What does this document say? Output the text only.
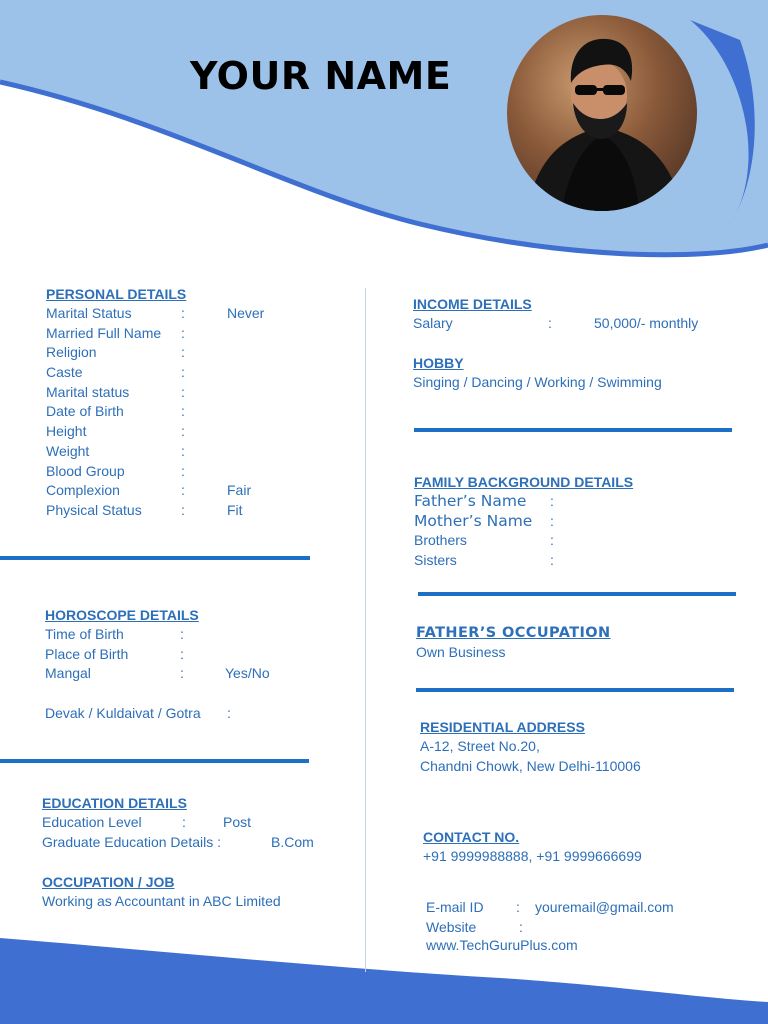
YOUR NAME
PERSONAL DETAILS
Marital Status	:	Never
Married Full Name	:
Religion	:
Caste	:
Marital status	:
Date of Birth	:
Height	:
Weight	:
Blood Group	:
Complexion	:	Fair
Physical Status	:	Fit
HOROSCOPE DETAILS
Time of Birth	:
Place of Birth	:
Mangal	:	Yes/No
Devak / Kuldaivat / Gotra	:
EDUCATION DETAILS
Education Level	:	Post
Graduate Education Details :	B.Com
OCCUPATION / JOB
Working as Accountant in ABC Limited
INCOME DETAILS
Salary	:	50,000/- monthly
HOBBY
Singing / Dancing / Working / Swimming
FAMILY BACKGROUND DETAILS
Father’s Name	:
Mother’s Name	:
Brothers	:
Sisters	:
FATHER’S OCCUPATION
Own Business
RESIDENTIAL ADDRESS
A-12, Street No.20,
Chandni Chowk, New Delhi-110006
CONTACT NO.
+91 9999988888, +91 9999666699
E-mail ID	:	youremail@gmail.com
Website	:
www.TechGuruPlus.com
